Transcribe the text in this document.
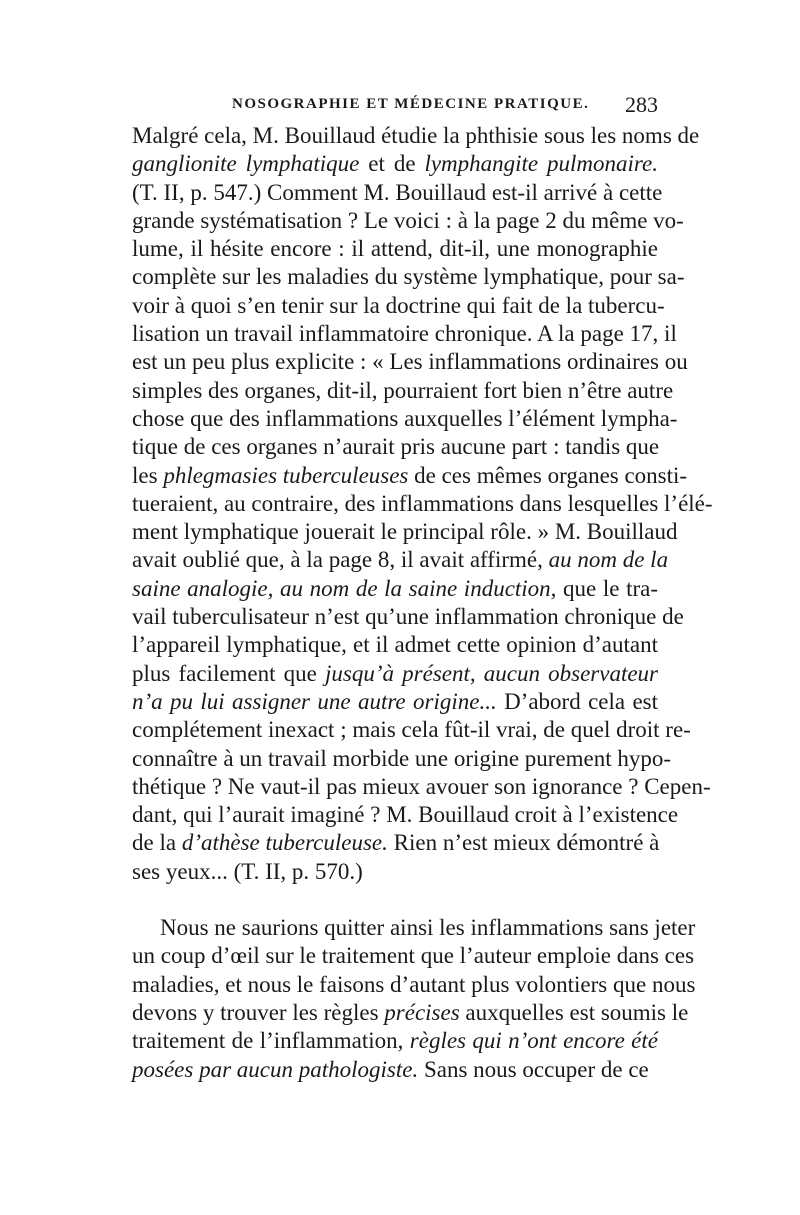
NOSOGRAPHIE ET MÉDECINE PRATIQUE. 283
Malgré cela, M. Bouillaud étudie la phthisie sous les noms de
ganglionite lymphatique et de lymphangite pulmonaire.
(T. II, p. 547.) Comment M. Bouillaud est-il arrivé à cette
grande systématisation ? Le voici : à la page 2 du même vo-
lume, il hésite encore : il attend, dit-il, une monographie
complète sur les maladies du système lymphatique, pour sa-
voir à quoi s’en tenir sur la doctrine qui fait de la tubercu-
lisation un travail inflammatoire chronique. A la page 17, il
est un peu plus explicite : « Les inflammations ordinaires ou
simples des organes, dit-il, pourraient fort bien n’être autre
chose que des inflammations auxquelles l’élément lympha-
tique de ces organes n’aurait pris aucune part : tandis que
les phlegmasies tuberculeuses de ces mêmes organes consti-
tueraient, au contraire, des inflammations dans lesquelles l’élé-
ment lymphatique jouerait le principal rôle. » M. Bouillaud
avait oublié que, à la page 8, il avait affirmé, au nom de la
saine analogie, au nom de la saine induction, que le tra-
vail tuberculisateur n’est qu’une inflammation chronique de
l’appareil lymphatique, et il admet cette opinion d’autant
plus facilement que jusqu’à présent, aucun observateur
n’a pu lui assigner une autre origine... D’abord cela est
complétement inexact ; mais cela fût-il vrai, de quel droit re-
connaître à un travail morbide une origine purement hypo-
thétique ? Ne vaut-il pas mieux avouer son ignorance ? Cepen-
dant, qui l’aurait imaginé ? M. Bouillaud croit à l’existence
de la d’athèse tuberculeuse. Rien n’est mieux démontré à
ses yeux... (T. II, p. 570.)
Nous ne saurions quitter ainsi les inflammations sans jeter
un coup d’œil sur le traitement que l’auteur emploie dans ces
maladies, et nous le faisons d’autant plus volontiers que nous
devons y trouver les règles précises auxquelles est soumis le
traitement de l’inflammation, règles qui n’ont encore été
posées par aucun pathologiste. Sans nous occuper de ce
